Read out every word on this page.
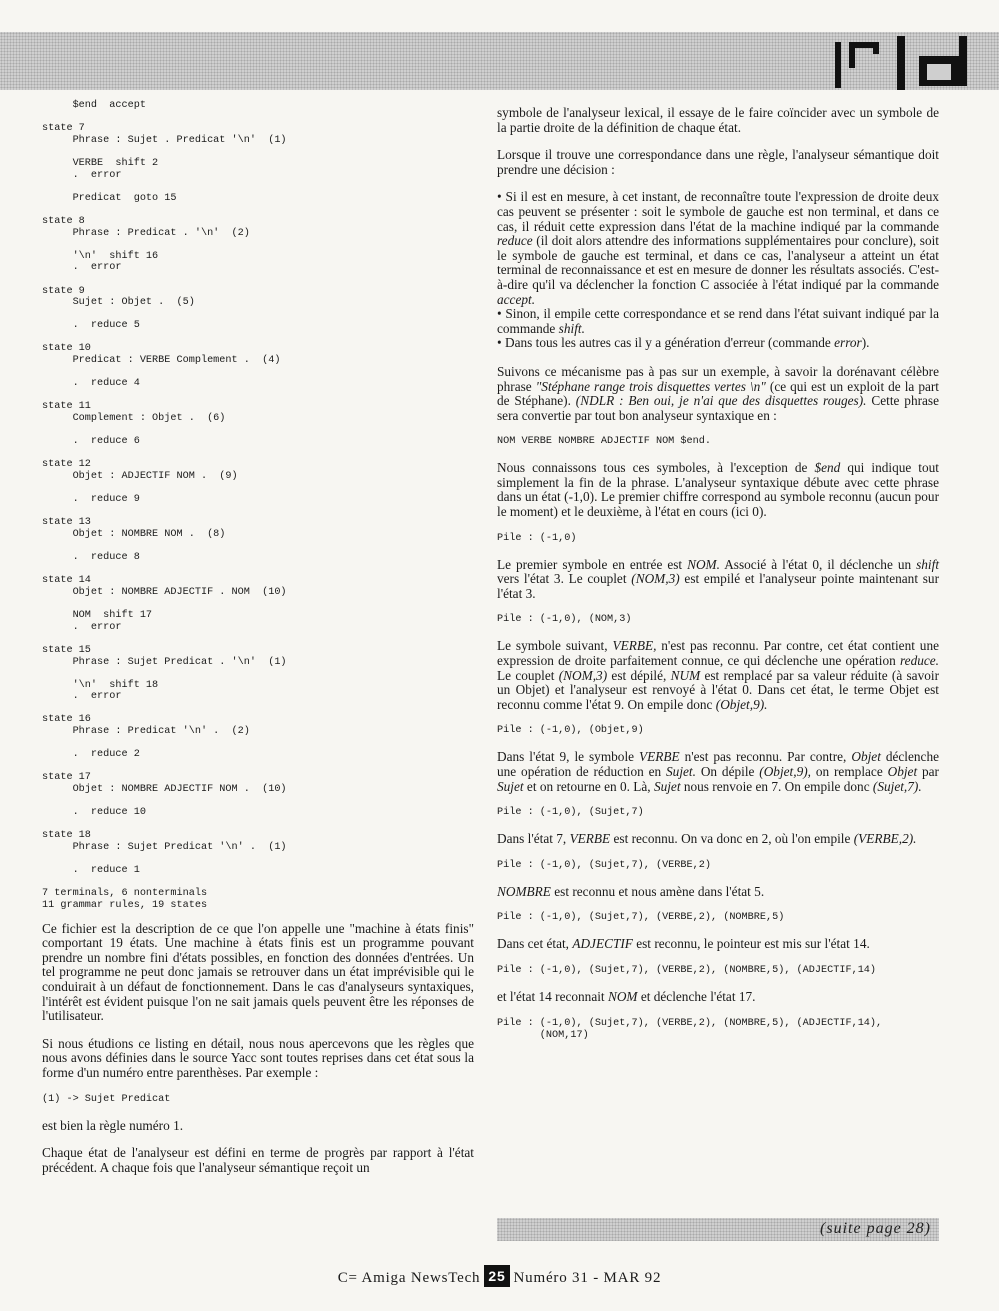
$end  accept

state 7
Phrase : Sujet . Predicat '\n'  (1)

VERBE  shift 2
.  error

Predicat  goto 15

state 8
Phrase : Predicat . '\n'  (2)

'\n'  shift 16
.  error

state 9
Sujet : Objet .  (5)

.  reduce 5

state 10
Predicat : VERBE Complement .  (4)

.  reduce 4

state 11
Complement : Objet .  (6)

.  reduce 6

state 12
Objet : ADJECTIF NOM .  (9)

.  reduce 9

state 13
Objet : NOMBRE NOM .  (8)

.  reduce 8

state 14
Objet : NOMBRE ADJECTIF . NOM  (10)

NOM  shift 17
.  error

state 15
Phrase : Sujet Predicat . '\n'  (1)

'\n'  shift 18
.  error

state 16
Phrase : Predicat '\n' .  (2)

.  reduce 2

state 17
Objet : NOMBRE ADJECTIF NOM .  (10)

.  reduce 10

state 18
Phrase : Sujet Predicat '\n' .  (1)

.  reduce 1

7 terminals, 6 nonterminals
11 grammar rules, 19 states

Ce fichier est la description de ce que l'on appelle une "machine à états finis" comportant 19 états. Une machine à états finis est un programme pouvant prendre un nombre fini d'états possibles, en fonction des données d'entrées. Un tel programme ne peut donc jamais se retrouver dans un état imprévisible qui le conduirait à un défaut de fonctionnement. Dans le cas d'analyseurs syntaxiques, l'intérêt est évident puisque l'on ne sait jamais quels peuvent être les réponses de l'utilisateur.

Si nous étudions ce listing en détail, nous nous apercevons que les règles que nous avons définies dans le source Yacc sont toutes reprises dans cet état sous la forme d'un numéro entre parenthèses. Par exemple :

(1) -> Sujet Predicat

est bien la règle numéro 1.

Chaque état de l'analyseur est défini en terme de progrès par rapport à l'état précédent. A chaque fois que l'analyseur sémantique reçoit un

symbole de l'analyseur lexical, il essaye de le faire coïncider avec un symbole de la partie droite de la définition de chaque état.

Lorsque il trouve une correspondance dans une règle, l'analyseur sémantique doit prendre une décision :

• Si il est en mesure, à cet instant, de reconnaître toute l'expression de droite deux cas peuvent se présenter : soit le symbole de gauche est non terminal, et dans ce cas, il réduit cette expression dans l'état de la machine indiqué par la commande reduce (il doit alors attendre des informations supplémentaires pour conclure), soit le symbole de gauche est terminal, et dans ce cas, l'analyseur a atteint un état terminal de reconnaissance et est en mesure de donner les résultats associés. C'est-à-dire qu'il va déclencher la fonction C associée à l'état indiqué par la commande accept.
• Sinon, il empile cette correspondance et se rend dans l'état suivant indiqué par la commande shift.
• Dans tous les autres cas il y a génération d'erreur (commande error).

Suivons ce mécanisme pas à pas sur un exemple, à savoir la dorénavant célèbre phrase "Stéphane range trois disquettes vertes \n" (ce qui est un exploit de la part de Stéphane). (NDLR : Ben oui, je n'ai que des disquettes rouges). Cette phrase sera convertie par tout bon analyseur syntaxique en :

NOM VERBE NOMBRE ADJECTIF NOM $end.

Nous connaissons tous ces symboles, à l'exception de $end qui indique tout simplement la fin de la phrase. L'analyseur syntaxique débute avec cette phrase dans un état (-1,0). Le premier chiffre correspond au symbole reconnu (aucun pour le moment) et le deuxième, à l'état en cours (ici 0).

Pile : (-1,0)

Le premier symbole en entrée est NOM. Associé à l'état 0, il déclenche un shift vers l'état 3. Le couplet (NOM,3) est empilé et l'analyseur pointe maintenant sur l'état 3.

Pile : (-1,0), (NOM,3)

Le symbole suivant, VERBE, n'est pas reconnu. Par contre, cet état contient une expression de droite parfaitement connue, ce qui déclenche une opération reduce. Le couplet (NOM,3) est dépilé, NUM est remplacé par sa valeur réduite (à savoir un Objet) et l'analyseur est renvoyé à l'état 0. Dans cet état, le terme Objet est reconnu comme l'état 9. On empile donc (Objet,9).

Pile : (-1,0), (Objet,9)

Dans l'état 9, le symbole VERBE n'est pas reconnu. Par contre, Objet déclenche une opération de réduction en Sujet. On dépile (Objet,9), on remplace Objet par Sujet et on retourne en 0. Là, Sujet nous renvoie en 7. On empile donc (Sujet,7).

Pile : (-1,0), (Sujet,7)

Dans l'état 7, VERBE est reconnu. On va donc en 2, où l'on empile (VERBE,2).

Pile : (-1,0), (Sujet,7), (VERBE,2)

NOMBRE est reconnu et nous amène dans l'état 5.

Pile : (-1,0), (Sujet,7), (VERBE,2), (NOMBRE,5)

Dans cet état, ADJECTIF est reconnu, le pointeur est mis sur l'état 14.

Pile : (-1,0), (Sujet,7), (VERBE,2), (NOMBRE,5), (ADJECTIF,14)

et l'état 14 reconnait NOM et déclenche l'état 17.

Pile : (-1,0), (Sujet,7), (VERBE,2), (NOMBRE,5), (ADJECTIF,14),
(NOM,17)
(suite page 28)
C= Amiga NewsTech 25 Numéro 31 - MAR 92
